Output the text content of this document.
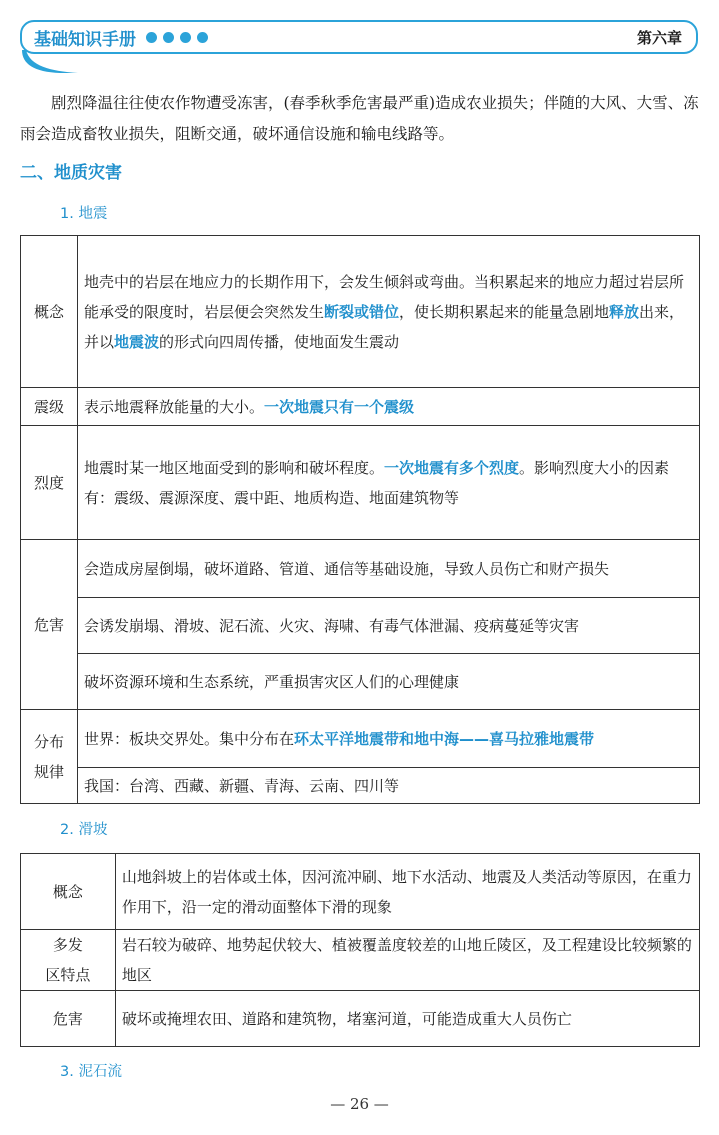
基础知识手册	第六章

剧烈降温往往使农作物遭受冻害，(春季秋季危害最严重)造成农业损失；伴随的大风、大雪、冻雨会造成畜牧业损失，阻断交通，破坏通信设施和输电线路等。

二、地质灾害
1. 地震
概念	地壳中的岩层在地应力的长期作用下，会发生倾斜或弯曲。当积累起来的地应力超过岩层所能承受的限度时，岩层便会突然发生断裂或错位，使长期积累起来的能量急剧地释放出来，并以地震波的形式向四周传播，使地面发生震动
震级	表示地震释放能量的大小。一次地震只有一个震级
烈度	地震时某一地区地面受到的影响和破坏程度。一次地震有多个烈度。影响烈度大小的因素有：震级、震源深度、震中距、地质构造、地面建筑物等
危害	会造成房屋倒塌，破坏道路、管道、通信等基础设施，导致人员伤亡和财产损失
	会诱发崩塌、滑坡、泥石流、火灾、海啸、有毒气体泄漏、疫病蔓延等灾害
	破坏资源环境和生态系统，严重损害灾区人们的心理健康
分布
规律	世界：板块交界处。集中分布在环太平洋地震带和地中海——喜马拉雅地震带
	我国：台湾、西藏、新疆、青海、云南、四川等
2. 滑坡
概念	山地斜坡上的岩体或土体，因河流冲刷、地下水活动、地震及人类活动等原因，在重力作用下，沿一定的滑动面整体下滑的现象
多发
区特点	岩石较为破碎、地势起伏较大、植被覆盖度较差的山地丘陵区，及工程建设比较频繁的地区
危害	破坏或掩埋农田、道路和建筑物，堵塞河道，可能造成重大人员伤亡
3. 泥石流
— 26 —
